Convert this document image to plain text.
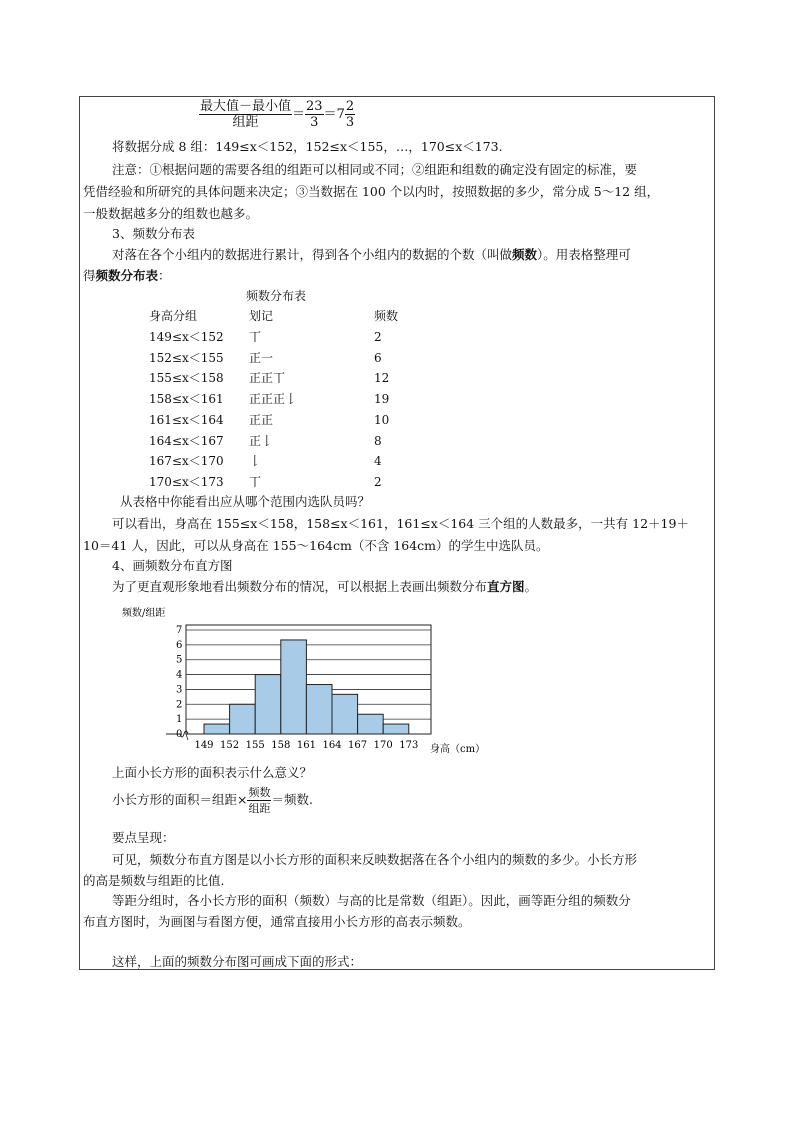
$\frac{\text{最大值－最小值}}{\text{组距}} = \frac{23}{3} =7 \frac{2}{3}$
将数据分成 8 组：149≤x＜152，152≤x＜155，…，170≤x＜173.
注意：①根据问题的需要各组的组距可以相同或不同；②组距和组数的确定没有固定的标准，要
凭借经验和所研究的具体问题来决定；③当数据在 100 个以内时，按照数据的多少，常分成 5～12 组，
一般数据越多分的组数也越多。
3、频数分布表
对落在各个小组内的数据进行累计，得到各个小组内的数据的个数（叫做频数）。用表格整理可
得频数分布表：
频数分布表
身高分组	划记	频数
149≤x＜152 丅	2
152≤x＜155 正一	6
155≤x＜158 正正丅	12
158≤x＜161 正正正𠄌	19
161≤x＜164 正正	10
164≤x＜167 正𠄌	8
167≤x＜170 𠄌	4
170≤x＜173 丅	2
从表格中你能看出应从哪个范围内选队员吗？
可以看出，身高在 155≤x＜158，158≤x＜161，161≤x＜164 三个组的人数最多，一共有 12＋19＋
10＝41 人，因此，可以从身高在 155～164cm（不含 164cm）的学生中选队员。
4、画频数分布直方图
为了更直观形象地看出频数分布的情况，可以根据上表画出频数分布直方图。
频数/组距
0
1
2
3
4
5
6
7
149 152 155 158 161 164 167 170 173 身高（cm）
上面小长方形的面积表示什么意义？
小长方形的面积＝组距× $\frac{\text{频数}}{\text{组距}}$ ＝频数.
要点呈现：
可见，频数分布直方图是以小长方形的面积来反映数据落在各个小组内的频数的多少。小长方形
的高是频数与组距的比值.
等距分组时，各小长方形的面积（频数）与高的比是常数（组距）。因此，画等距分组的频数分
布直方图时，为画图与看图方便，通常直接用小长方形的高表示频数。
这样，上面的频数分布图可画成下面的形式：
